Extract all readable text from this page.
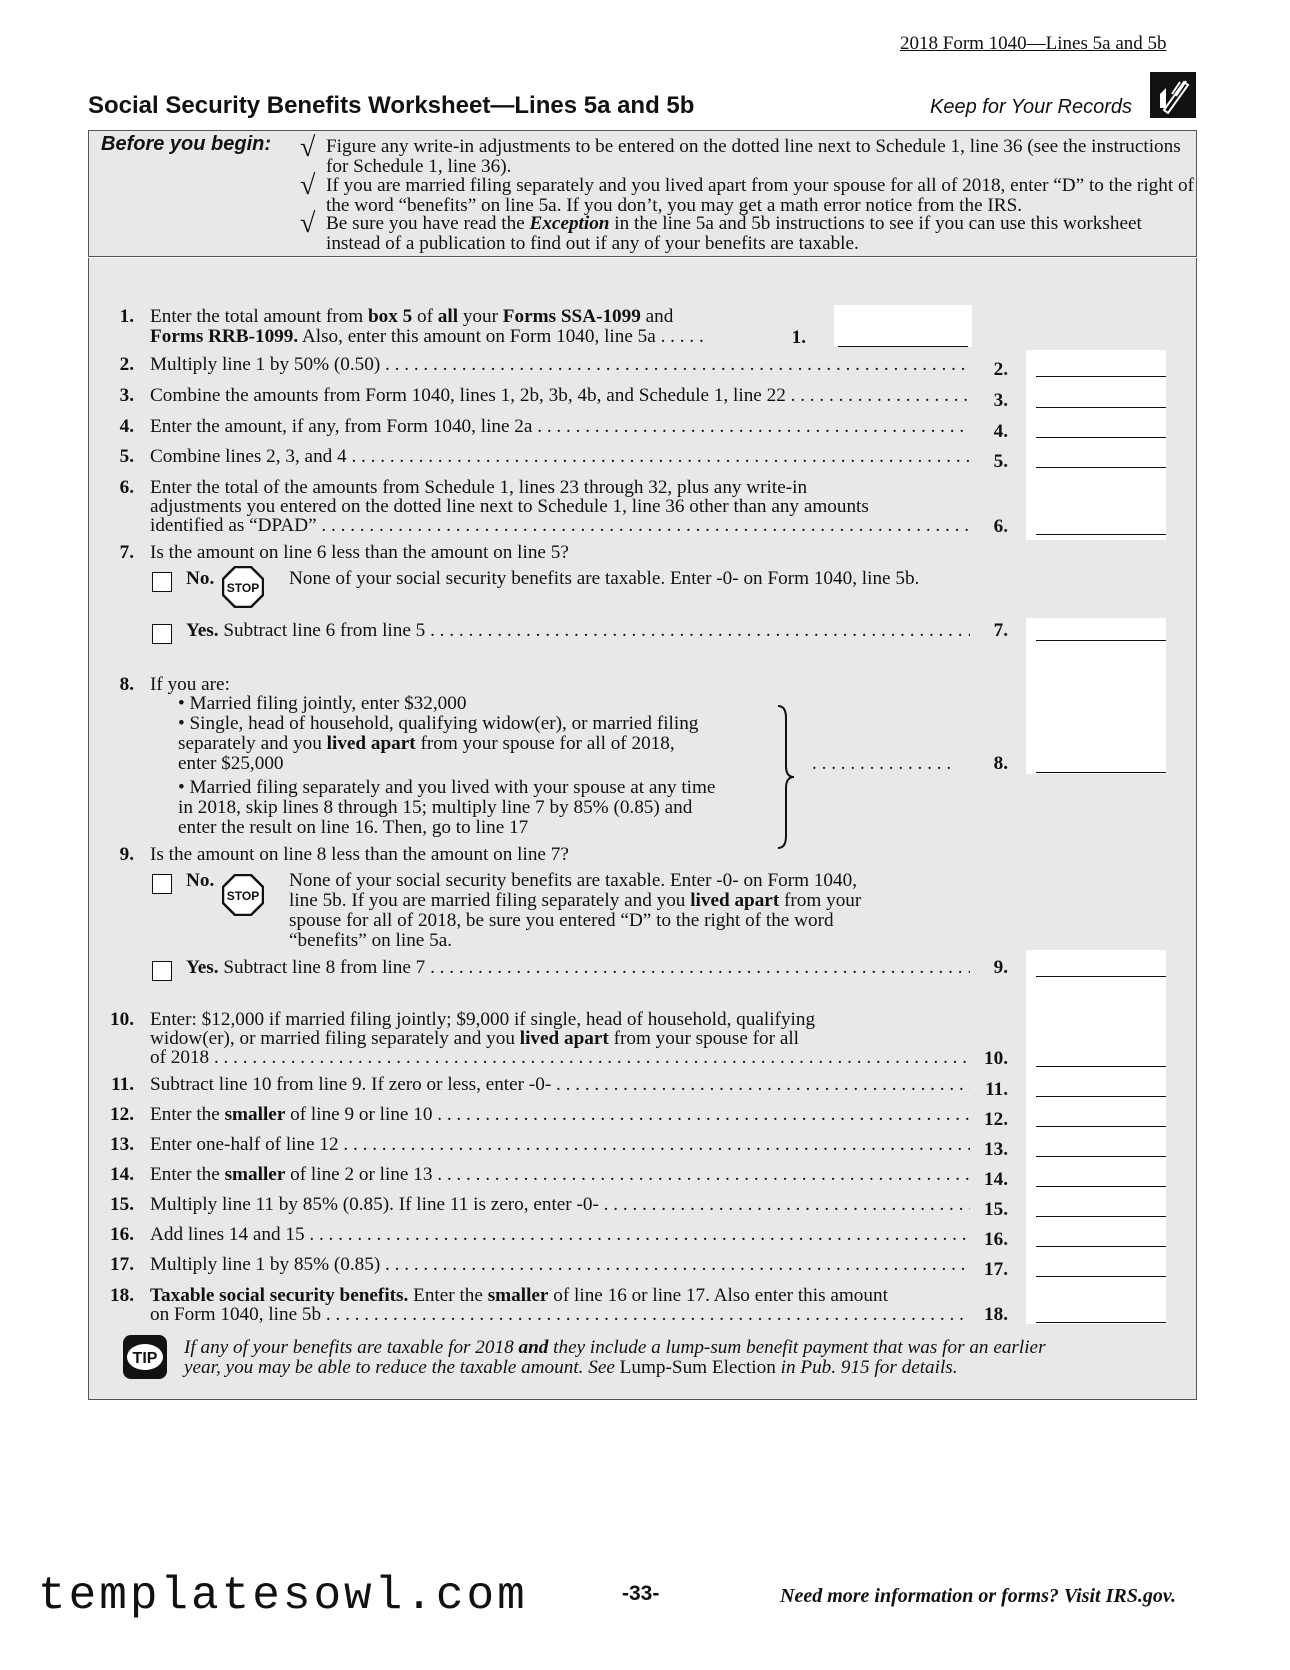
2018 Form 1040—Lines 5a and 5b
Social Security Benefits Worksheet—Lines 5a and 5b	Keep for Your Records
Before you begin: √ Figure any write-in adjustments to be entered on the dotted line next to Schedule 1, line 36 (see the instructions for Schedule 1, line 36).
√ If you are married filing separately and you lived apart from your spouse for all of 2018, enter “D” to the right of the word “benefits” on line 5a. If you don’t, you may get a math error notice from the IRS.
√ Be sure you have read the Exception in the line 5a and 5b instructions to see if you can use this worksheet instead of a publication to find out if any of your benefits are taxable.
1. Enter the total amount from box 5 of all your Forms SSA-1099 and
Forms RRB-1099. Also, enter this amount on Form 1040, line 5a . . . . .	1.
2. Multiply line 1 by 50% (0.50) . . .	2.
3. Combine the amounts from Form 1040, lines 1, 2b, 3b, 4b, and Schedule 1, line 22 . . .	3.
4. Enter the amount, if any, from Form 1040, line 2a . . .	4.
5. Combine lines 2, 3, and 4 . . .	5.
6. Enter the total of the amounts from Schedule 1, lines 23 through 32, plus any write-in
adjustments you entered on the dotted line next to Schedule 1, line 36 other than any amounts
identified as “DPAD” . . .	6.
7. Is the amount on line 6 less than the amount on line 5?
No.	STOP None of your social security benefits are taxable. Enter -0- on Form 1040, line 5b.
Yes. Subtract line 6 from line 5 . . .	7.
8. If you are:
• Married filing jointly, enter $32,000
• Single, head of household, qualifying widow(er), or married filing
separately and you lived apart from your spouse for all of 2018,
enter $25,000
• Married filing separately and you lived with your spouse at any time
in 2018, skip lines 8 through 15; multiply line 7 by 85% (0.85) and
enter the result on line 16. Then, go to line 17
. . . . . . . . . . . . . . .	8.
9. Is the amount on line 8 less than the amount on line 7?
No.
STOP
None of your social security benefits are taxable. Enter -0- on Form 1040,
line 5b. If you are married filing separately and you lived apart from your
spouse for all of 2018, be sure you entered “D” to the right of the word
“benefits” on line 5a.
Yes. Subtract line 8 from line 7 . . .	9.
10. Enter: $12,000 if married filing jointly; $9,000 if single, head of household, qualifying
widow(er), or married filing separately and you lived apart from your spouse for all
of 2018 . . .	10.
11. Subtract line 10 from line 9. If zero or less, enter -0- . . .	11.
12. Enter the smaller of line 9 or line 10 . . .	12.
13. Enter one-half of line 12 . . .	13.
14. Enter the smaller of line 2 or line 13 . . .	14.
15. Multiply line 11 by 85% (0.85). If line 11 is zero, enter -0- . . .	15.
16. Add lines 14 and 15 . . .	16.
17. Multiply line 1 by 85% (0.85) . . .	17.
18. Taxable social security benefits. Enter the smaller of line 16 or line 17. Also enter this amount
on Form 1040, line 5b . . .	18.
TIP
If any of your benefits are taxable for 2018 and they include a lump-sum benefit payment that was for an earlier
year, you may be able to reduce the taxable amount. See Lump-Sum Election in Pub. 915 for details.
templatesowl.com	-33-	Need more information or forms? Visit IRS.gov.
